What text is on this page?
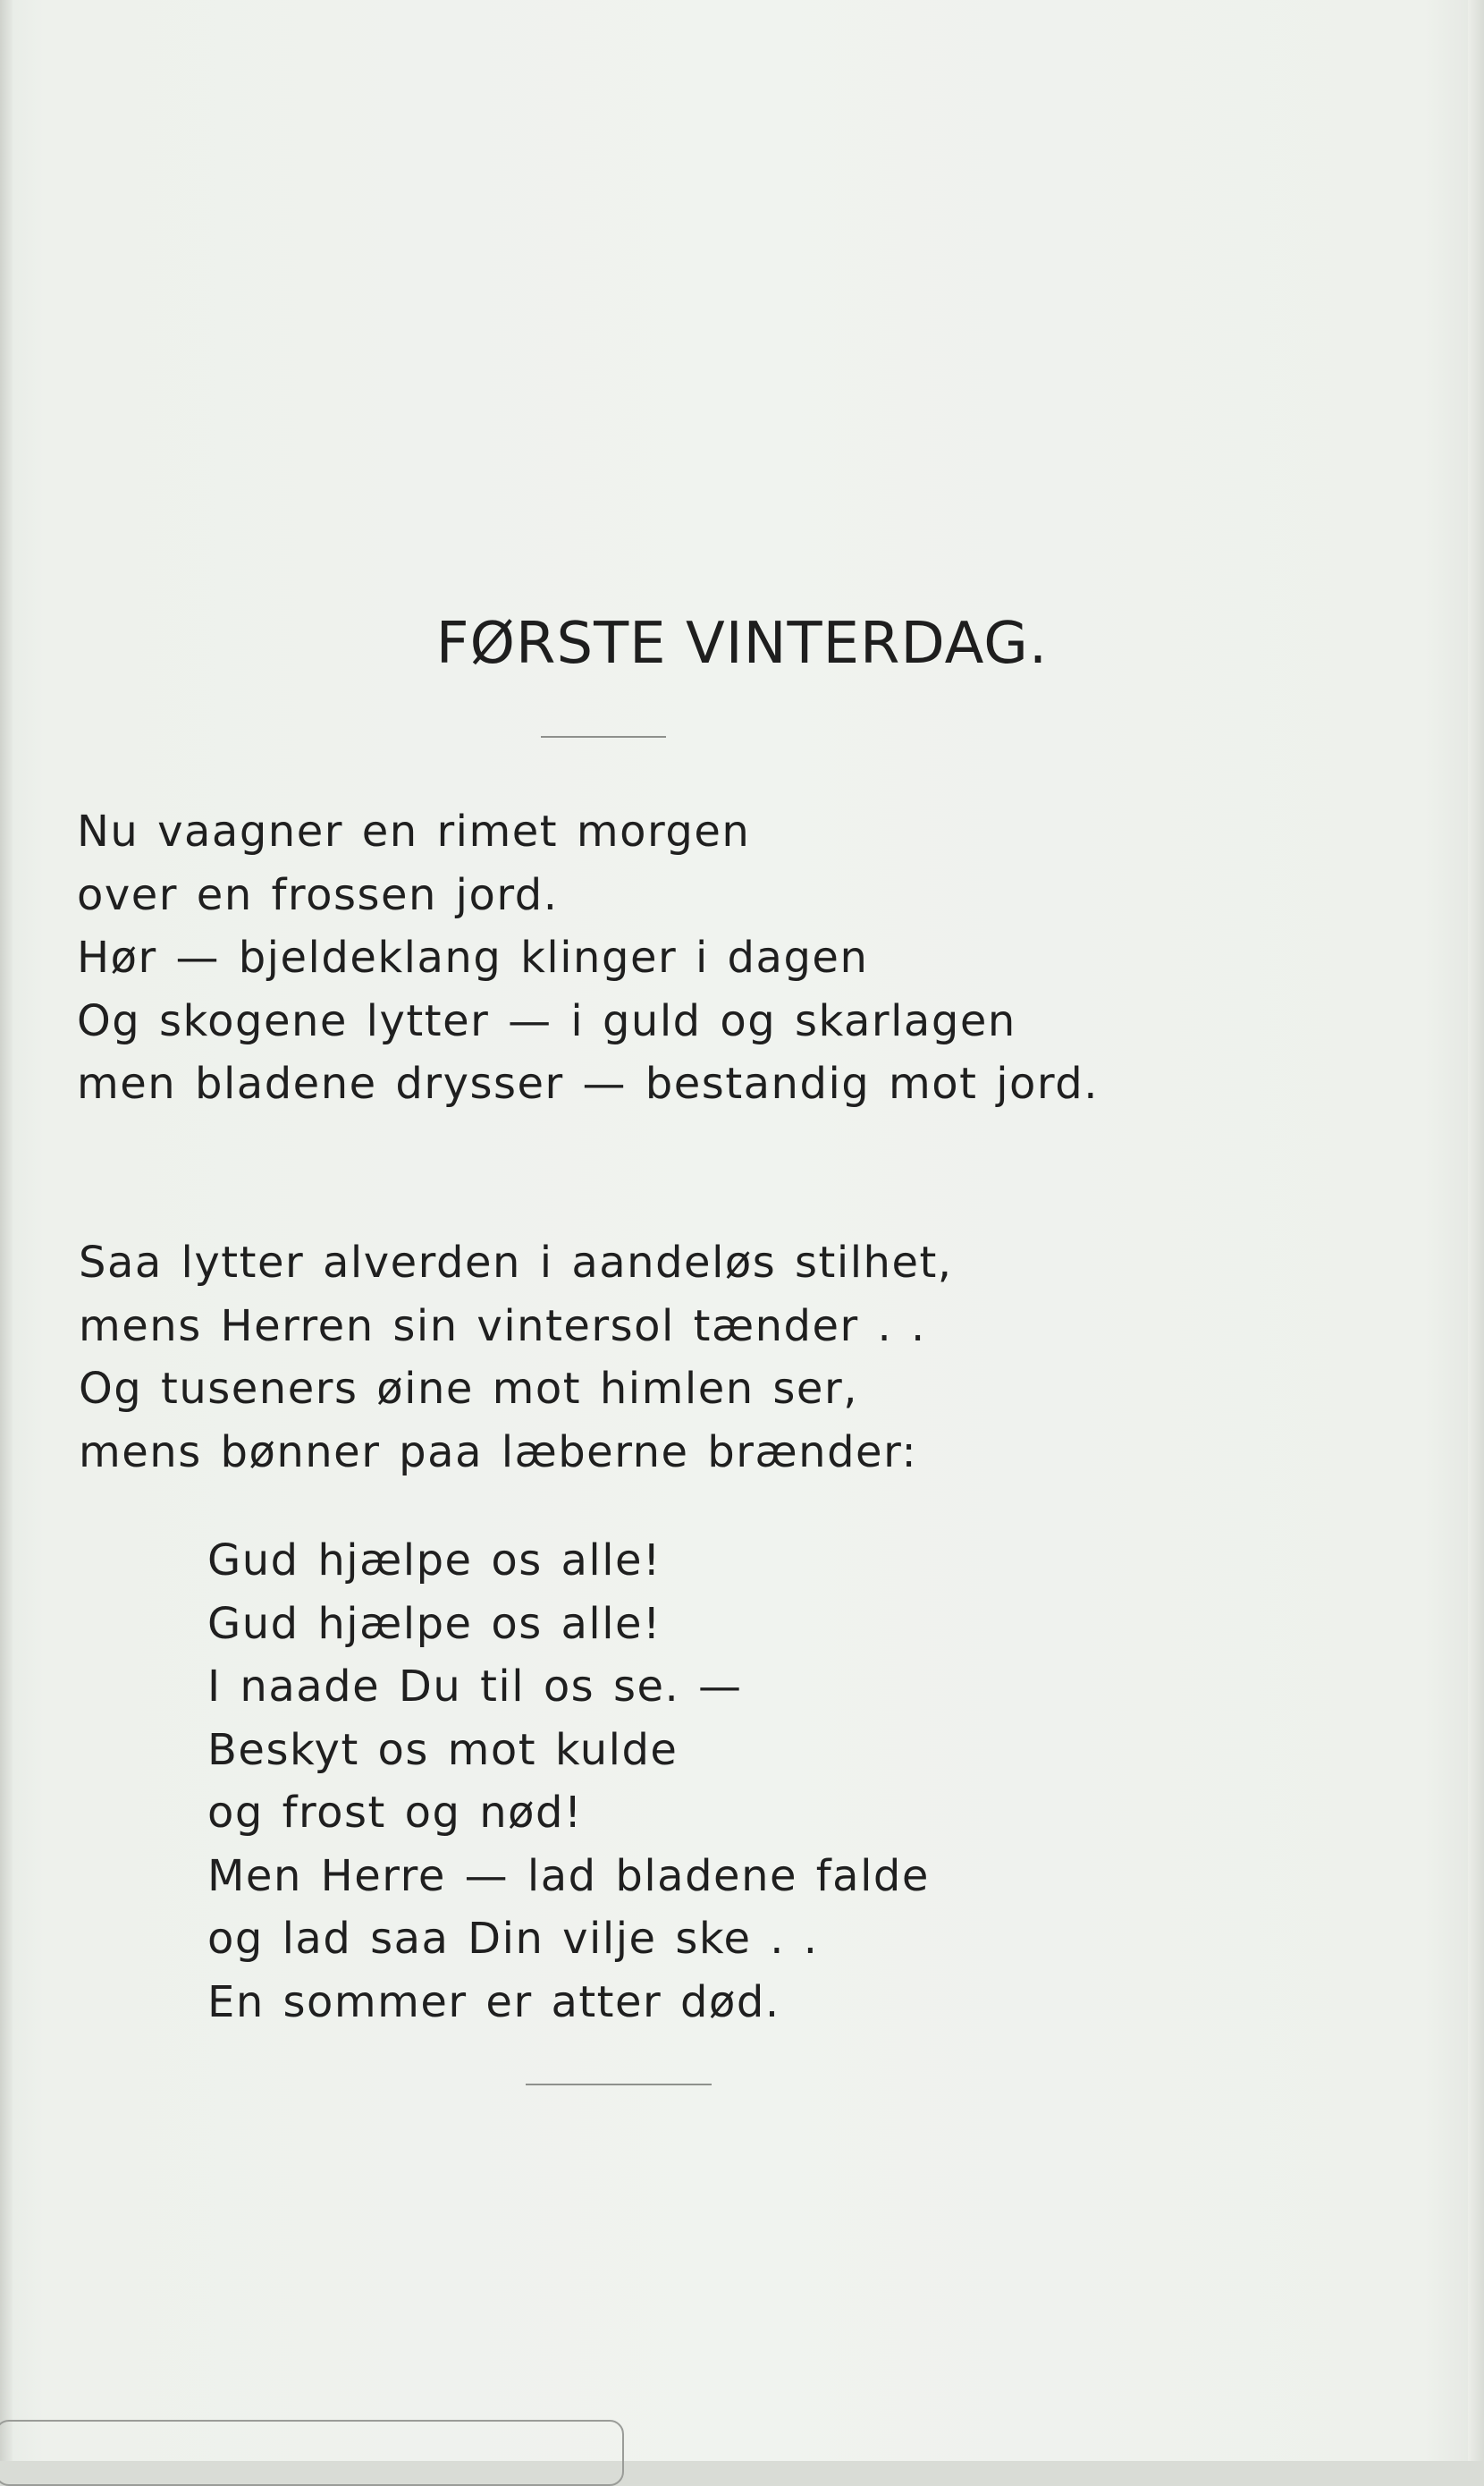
FØRSTE VINTERDAG.
Nu vaagner en rimet morgen
over en frossen jord.
Hør — bjeldeklang klinger i dagen
Og skogene lytter — i guld og skarlagen
men bladene drysser — bestandig mot jord.
Saa lytter alverden i aandeløs stilhet,
mens Herren sin vintersol tænder . .
Og tuseners øine mot himlen ser,
mens bønner paa læberne brænder:
Gud hjælpe os alle!
Gud hjælpe os alle!
I naade Du til os se. —
Beskyt os mot kulde
og frost og nød!
Men Herre — lad bladene falde
og lad saa Din vilje ske . .
En sommer er atter død.
